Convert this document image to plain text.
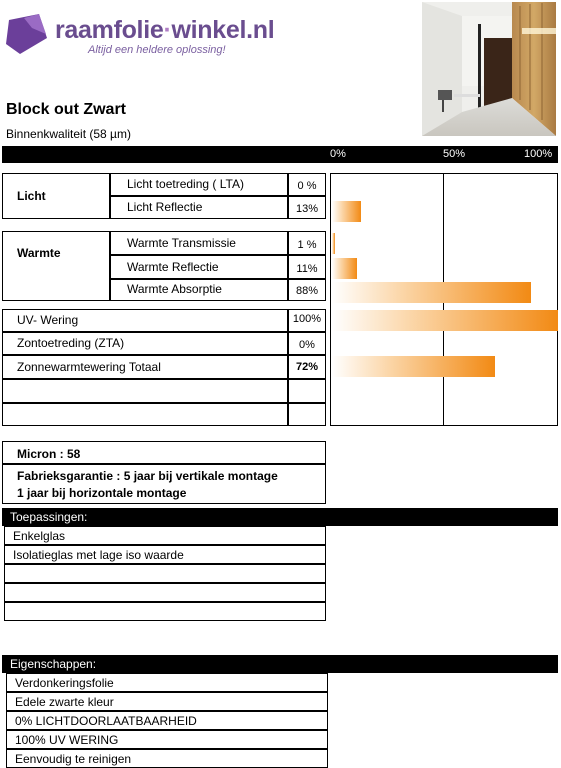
raamfolie·winkel.nl
Altijd een heldere oplossing!
Block out Zwart
Binnenkwaliteit (58 µm)
0%	50%	100%
Licht
Licht toetreding ( LTA)	0 %
Licht Reflectie	13%
Warmte
Warmte Transmissie	1 %
Warmte Reflectie	11%
Warmte Absorptie	88%
UV- Wering	100%
Zontoetreding (ZTA)	0%
Zonnewarmtewering Totaal	72%
Micron : 58
Fabrieksgarantie : 5 jaar bij vertikale montage
1 jaar bij horizontale montage
Toepassingen:
Enkelglas
Isolatieglas met lage iso waarde
Eigenschappen:
Verdonkeringsfolie
Edele zwarte kleur
0% LICHTDOORLAATBAARHEID
100% UV WERING
Eenvoudig te reinigen
